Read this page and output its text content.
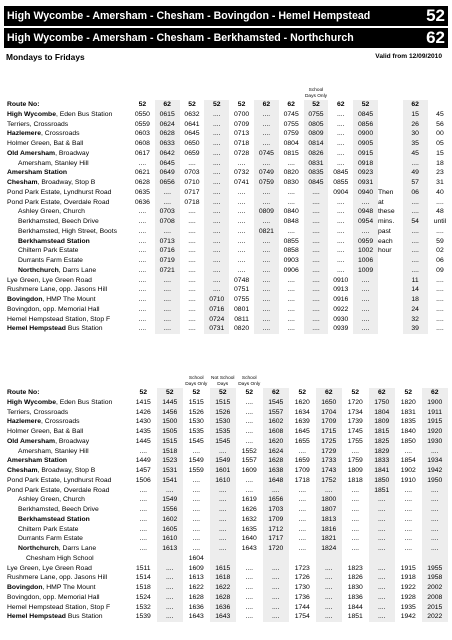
High Wycombe - Amersham - Chesham - Bovingdon - Hemel Hempstead	52
High Wycombe - Amersham - Chesham - Berkhamsted - Northchurch	62
Mondays to Fridays	Valid from 12/09/2010
School Days Only
Route No:	52	62	52	52	52	62	62	52	62	52		62	
High Wycombe, Eden Bus Station	0550	0615	0632	....	0700	....	0745	0755	....	0845		15	45
Terriers, Crossroads	0559	0624	0641	....	0709	....	0755	0805	....	0856		26	56
Hazlemere, Crossroads	0603	0628	0645	....	0713	....	0759	0809	....	0900		30	00
Holmer Green, Bat & Ball	0608	0633	0650	....	0718	....	0804	0814	....	0905		35	05
Old Amersham, Broadway	0617	0642	0659	....	0728	0745	0815	0826	....	0915		45	15
Amersham, Stanley Hill	....	0645	....	....	....	....	....	0831	....	0918		....	18
Amersham Station	0621	0649	0703	....	0732	0749	0820	0835	0845	0923		49	23
Chesham, Broadway, Stop B	0628	0656	0710	....	0741	0759	0830	0845	0855	0931		57	31
Pond Park Estate, Lyndhurst Road	0635	....	0717	....	....	....	....	....	0904	0940	Then	06	40
Pond Park Estate, Overdale Road	0636	....	0718	....	....	....	....	....	....	....	at	....	....
Ashley Green, Church	....	0703	....	....	....	0809	0840	....	....	0948	these	....	48
Berkhamsted, Beech Drive	....	0708	....	....	....	....	0848	....	....	0954	mins.	54	until
Berkhamsted, High Street, Boots	....	....	....	....	....	0821	....	....	....	....	past	....	....
Berkhamstead Station	....	0713	....	....	....	....	0855	....	....	0959	each	....	59
Chiltern Park Estate	....	0716	....	....	....	....	0858	....	....	1002	hour	....	02
Durrants Farm Estate	....	0719	....	....	....	....	0903	....	....	1006		....	06
Northchurch, Darrs Lane	....	0721	....	....	....	....	0906	....	....	1009		....	09
Lye Green, Lye Green Road	....	....	....	....	0748	....	....	....	0910	....		11	....
Rushmere Lane, opp. Jasons Hill	....	....	....	....	0751	....	....	....	0913	....		14	....
Bovingdon, HMP The Mount	....	....	....	0710	0755	....	....	....	0916	....		18	....
Bovingdon, opp. Memorial Hall	....	....	....	0716	0801	....	....	....	0922	....		24	....
Hemel Hempstead Station, Stop F	....	....	....	0724	0811	....	....	....	0930	....		32	....
Hemel Hempstead Bus Station	....	....	....	0731	0820	....	....	....	0939	....		39	....
School Days Only
Not School Days
School Days Only
Route No:	52	52	52	52	52	62	52	62	52	62	52	62
High Wycombe, Eden Bus Station	1415	1445	1515	1515	....	1545	1620	1650	1720	1750	1820	1900
Terriers, Crossroads	1426	1456	1526	1526	....	1557	1634	1704	1734	1804	1831	1911
Hazlemere, Crossroads	1430	1500	1530	1530	....	1602	1639	1709	1739	1809	1835	1915
Holmer Green, Bat & Ball	1435	1505	1535	1535	....	1608	1645	1715	1745	1815	1840	1920
Old Amersham, Broadway	1445	1515	1545	1545	....	1620	1655	1725	1755	1825	1850	1930
Amersham, Stanley Hill	....	1518	....	....	1552	1624	....	1729	....	1829	....	....
Amersham Station	1449	1523	1549	1549	1557	1628	1659	1733	1759	1833	1854	1934
Chesham, Broadway, Stop B	1457	1531	1559	1601	1609	1638	1709	1743	1809	1841	1902	1942
Pond Park Estate, Lyndhurst Road	1506	1541	....	1610	....	1648	1718	1752	1818	1850	1910	1950
Pond Park Estate, Overdale Road	....	....	....	....	....	....	....	....	....	1851	....	....
Ashley Green, Church	....	1549	....	....	1619	1656	....	1800	....	....	....	....
Berkhamsted, Beech Drive	....	1556	....	....	1626	1703	....	1807	....	....	....	....
Berkhamstead Station	....	1602	....	....	1632	1709	....	1813	....	....	....	....
Chiltern Park Estate	....	1605	....	....	1635	1712	....	1816	....	....	....	....
Durrants Farm Estate	....	1610	....	....	1640	1717	....	1821	....	....	....	....
Northchurch, Darrs Lane	....	1613	....	....	1643	1720	....	1824	....	....	....	....
Chesham High School			1604									
Lye Green, Lye Green Road	1511	....	1609	1615	....	....	1723	....	1823	....	1915	1955
Rushmere Lane, opp. Jasons Hill	1514	....	1613	1618	....	....	1726	....	1826	....	1918	1958
Bovingdon, HMP The Mount	1518	....	1622	1622	....	....	1730	....	1830	....	1922	2002
Bovingdon, opp. Memorial Hall	1524	....	1628	1628	....	....	1736	....	1836	....	1928	2008
Hemel Hempstead Station, Stop F	1532	....	1636	1636	....	....	1744	....	1844	....	1935	2015
Hemel Hempstead Bus Station	1539	....	1643	1643	....	....	1754	....	1851	....	1942	2022
